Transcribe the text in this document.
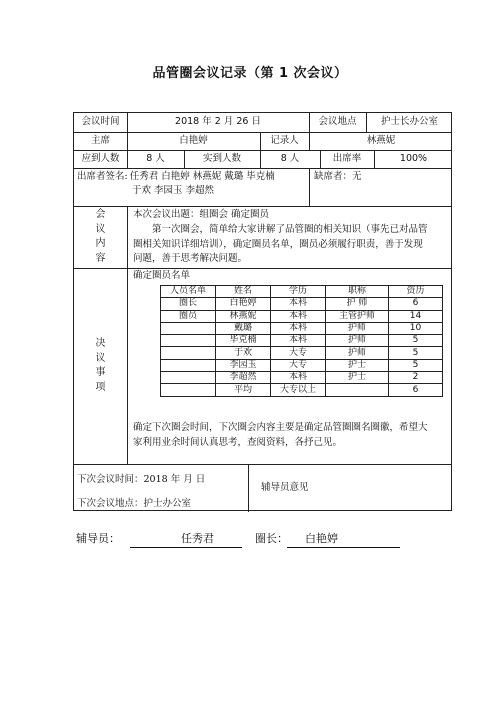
品管圈会议记录（第 1 次会议）
会议时间	2018 年 2 月 26 日	会议地点	护士长办公室
主席	白艳婷	记录人	林燕妮
应到人数	8 人	实到人数	8 人	出席率	100%
出席者签名: 任秀君 白艳婷 林燕妮 戴璐 毕克楠
于欢 李园玉 李超然
缺席者：无
会
议
内
容
本次会议出题：组圈会 确定圈员
第一次圈会，简单给大家讲解了品管圈的相关知识（事先已对品管
圈相关知识详细培训），确定圈员名单，圈员必须履行职责，善于发现
问题，善于思考解决问题。
决
议
事
项
确定圈员名单
人员名单	姓名	学历	职称	资历
圈长	白艳婷	本科	护 师	6
圈员	林燕妮	本科	主管护师	14
	戴璐	本科	护师	10
	毕克楠	本科	护师	5
	于欢	大专	护师	5
	李园玉	大专	护士	5
	李超然	本科	护士	2
	平均	大专以上		6
确定下次圈会时间，下次圈会内容主要是确定品管圈圈名圈徽，希望大
家利用业余时间认真思考，查阅资料，各抒己见。
下次会议时间：2018 年 月 日
下次会议地点：护士办公室
辅导员意见
辅导员：	任秀君	圈长： 白艳婷
